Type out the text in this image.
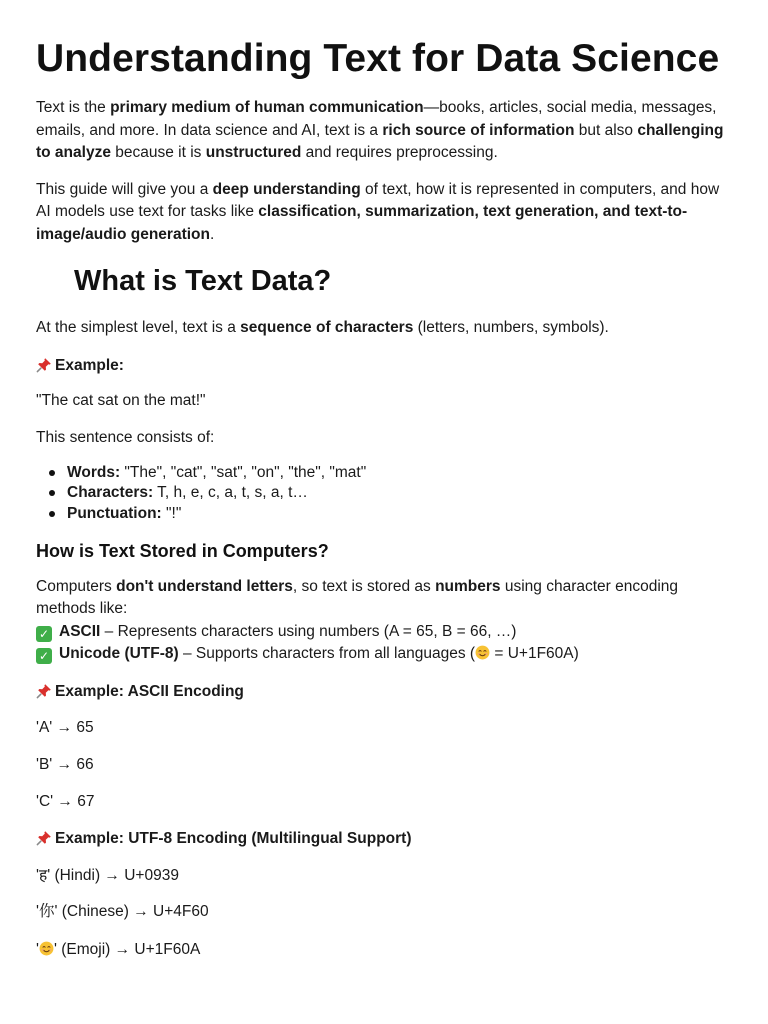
Understanding Text for Data Science

Text is the primary medium of human communication—books, articles, social media, messages, emails, and more. In data science and AI, text is a rich source of information but also challenging to analyze because it is unstructured and requires preprocessing.

This guide will give you a deep understanding of text, how it is represented in computers, and how AI models use text for tasks like classification, summarization, text generation, and text-to-image/audio generation.

What is Text Data?

At the simplest level, text is a sequence of characters (letters, numbers, symbols).

Example:

"The cat sat on the mat!"

This sentence consists of:

Words: "The", "cat", "sat", "on", "the", "mat"
Characters: T, h, e, c, a, t, s, a, t…
Punctuation: "!"
How is Text Stored in Computers?

Computers don't understand letters, so text is stored as numbers using character encoding methods like:
✓ ASCII – Represents characters using numbers (A = 65, B = 66, …)
✓ Unicode (UTF-8) – Supports characters from all languages ( = U+1F60A)

Example: ASCII Encoding

'A' → 65

'B' → 66

'C' → 67

Example: UTF-8 Encoding (Multilingual Support)

'ह' (Hindi) → U+0939

'你' (Chinese) → U+4F60

' ' (Emoji) → U+1F60A
